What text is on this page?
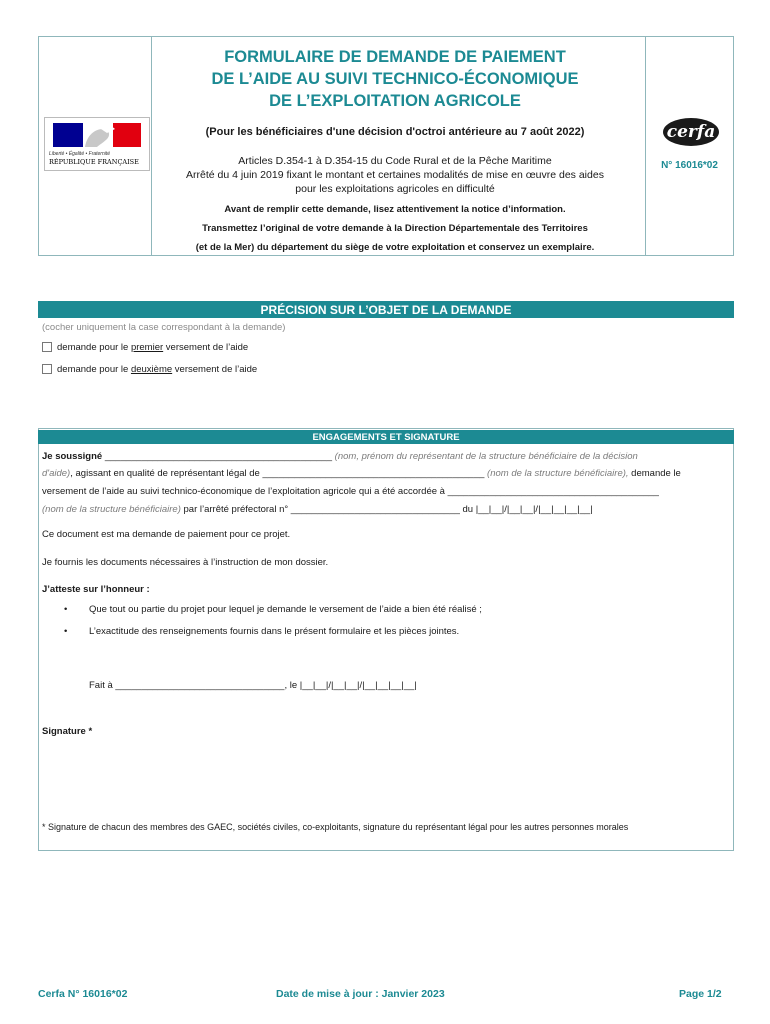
Liberté • Égalité • Fraternité
RÉPUBLIQUE FRANÇAISE
FORMULAIRE DE DEMANDE DE PAIEMENT
DE L’AIDE AU SUIVI TECHNICO-ÉCONOMIQUE
DE L’EXPLOITATION AGRICOLE
(Pour les bénéficiaires d'une décision d'octroi antérieure au 7 août 2022)
Articles D.354-1 à D.354-15 du Code Rural et de la Pêche Maritime
Arrêté du 4 juin 2019 fixant le montant et certaines modalités de mise en œuvre des aides
pour les exploitations agricoles en difficulté
Avant de remplir cette demande, lisez attentivement la notice d’information.
Transmettez l’original de votre demande à la Direction Départementale des Territoires
(et de la Mer) du département du siège de votre exploitation et conservez un exemplaire.
cerfa
N° 16016*02
PRÉCISION SUR L’OBJET DE LA DEMANDE
(cocher uniquement la case correspondant à la demande)
demande pour le premier versement de l’aide
demande pour le deuxième versement de l’aide
ENGAGEMENTS ET SIGNATURE
Je soussigné ___________________________________________ (nom, prénom du représentant de la structure bénéficiaire de la décision
d'aide), agissant en qualité de représentant légal de __________________________________________ (nom de la structure bénéficiaire), demande le
versement de l’aide au suivi technico-économique de l’exploitation agricole qui a été accordée à ________________________________________
(nom de la structure bénéficiaire) par l’arrêté préfectoral n° ________________________________ du |__|__|/|__|__|/|__|__|__|__|
Ce document est ma demande de paiement pour ce projet.
Je fournis les documents nécessaires à l’instruction de mon dossier.
J’atteste sur l’honneur :
• Que tout ou partie du projet pour lequel je demande le versement de l’aide a bien été réalisé ;
• L’exactitude des renseignements fournis dans le présent formulaire et les pièces jointes.
Fait à ________________________________, le |__|__|/|__|__|/|__|__|__|__|
Signature *
* Signature de chacun des membres des GAEC, sociétés civiles, co-exploitants, signature du représentant légal pour les autres personnes morales
Cerfa N° 16016*02	Date de mise à jour : Janvier 2023	Page 1/2
